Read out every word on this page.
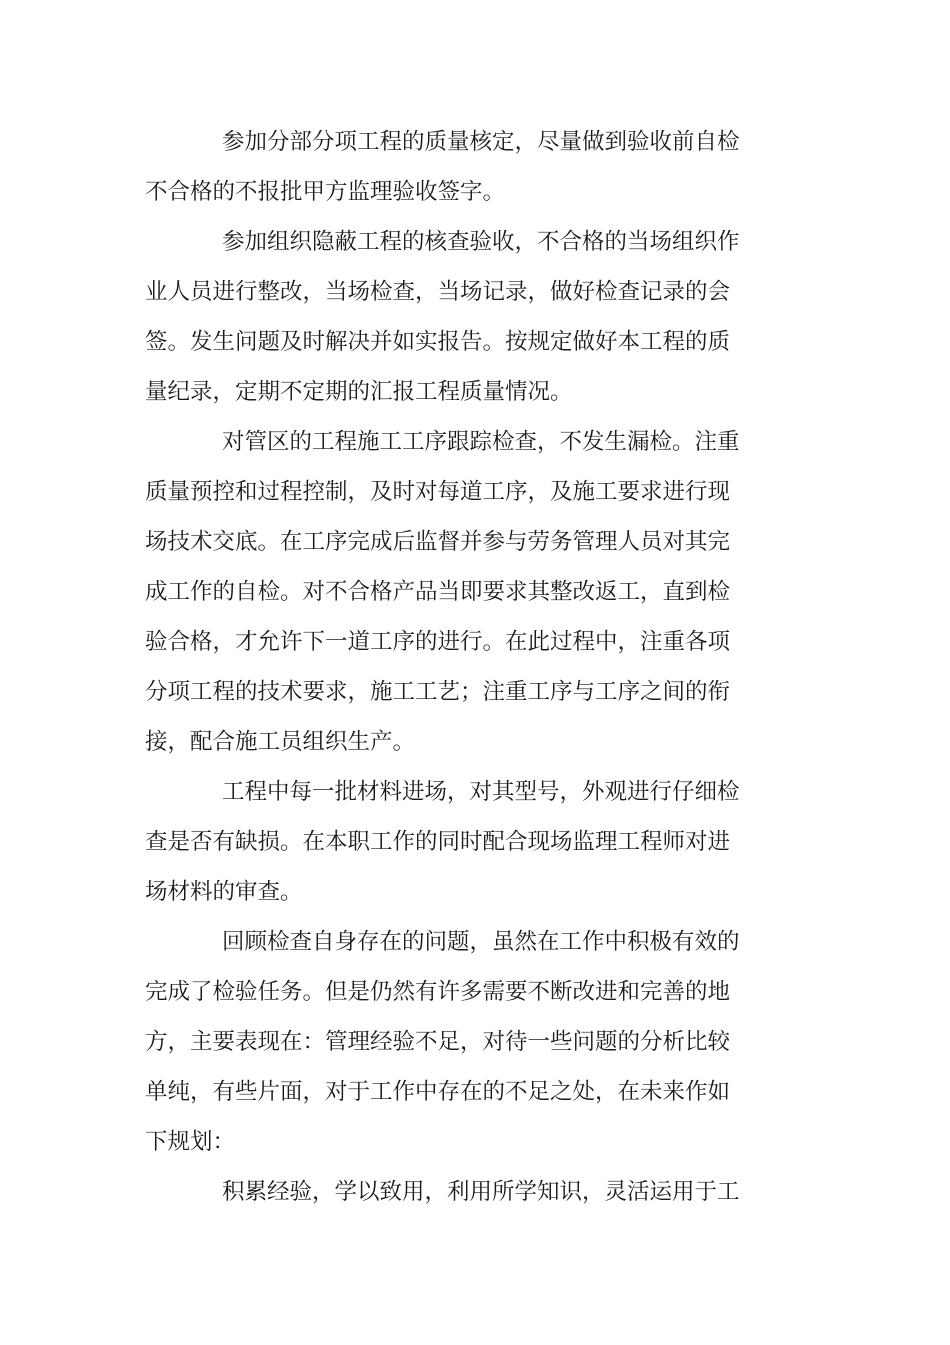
参加分部分项工程的质量核定，尽量做到验收前自检
不合格的不报批甲方监理验收签字。
参加组织隐蔽工程的核查验收，不合格的当场组织作
业人员进行整改，当场检查，当场记录，做好检查记录的会
签。发生问题及时解决并如实报告。按规定做好本工程的质
量纪录，定期不定期的汇报工程质量情况。
对管区的工程施工工序跟踪检查，不发生漏检。注重
质量预控和过程控制，及时对每道工序，及施工要求进行现
场技术交底。在工序完成后监督并参与劳务管理人员对其完
成工作的自检。对不合格产品当即要求其整改返工，直到检
验合格，才允许下一道工序的进行。在此过程中，注重各项
分项工程的技术要求，施工工艺；注重工序与工序之间的衔
接，配合施工员组织生产。
工程中每一批材料进场，对其型号，外观进行仔细检
查是否有缺损。在本职工作的同时配合现场监理工程师对进
场材料的审查。
回顾检查自身存在的问题，虽然在工作中积极有效的
完成了检验任务。但是仍然有许多需要不断改进和完善的地
方，主要表现在：管理经验不足，对待一些问题的分析比较
单纯，有些片面，对于工作中存在的不足之处，在未来作如
下规划：
积累经验，学以致用，利用所学知识，灵活运用于工
